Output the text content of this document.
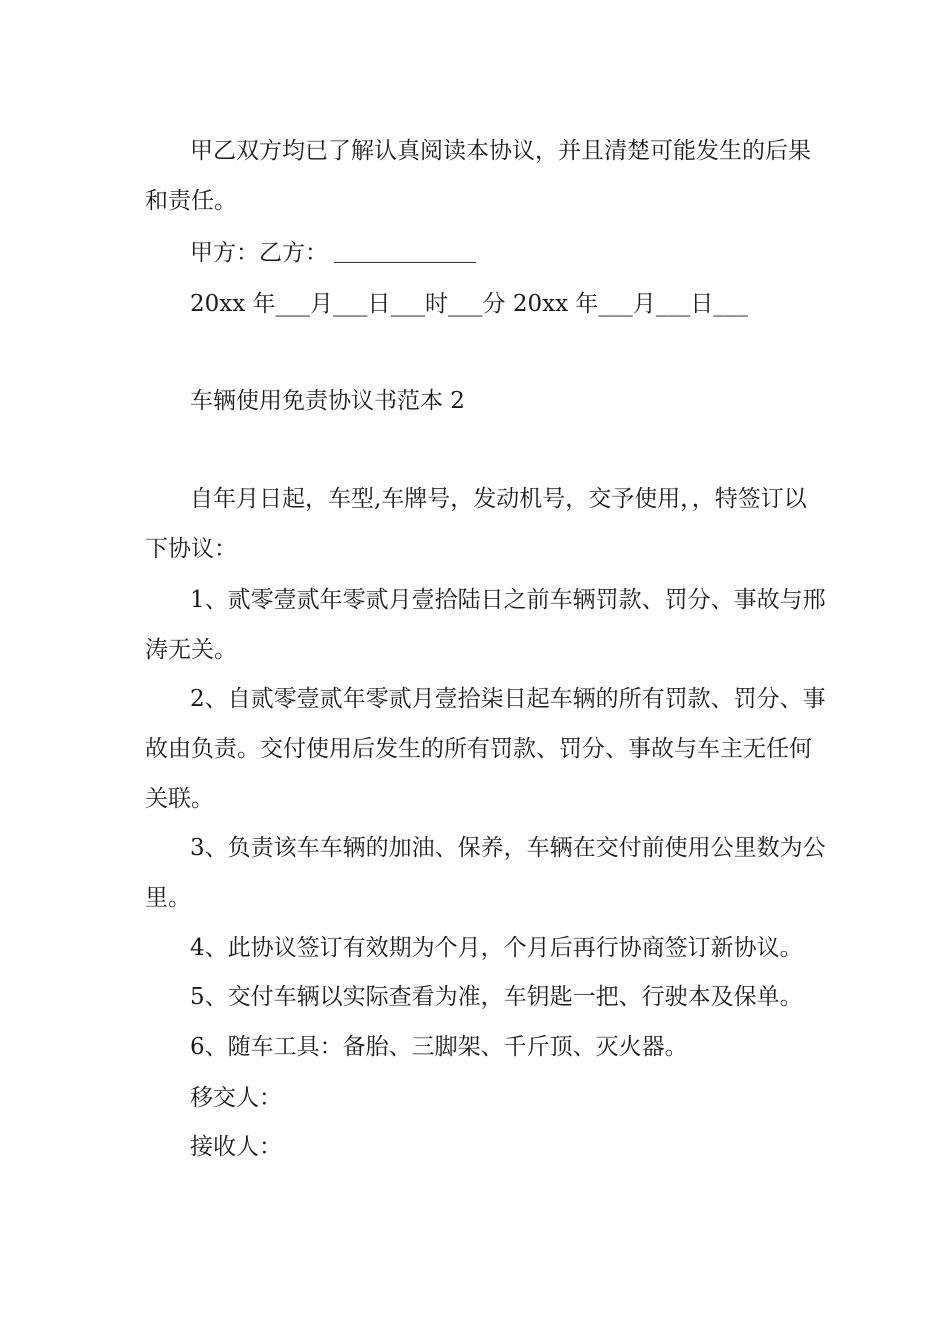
甲乙双方均已了解认真阅读本协议，并且清楚可能发生的后果

和责任。

甲方：乙方：

20xx 年___月___日___时___分 20xx 年___月___日___

车辆使用免责协议书范本 2

自年月日起，车型,车牌号，发动机号，交予使用，，特签订以

下协议：

1、贰零壹贰年零贰月壹拾陆日之前车辆罚款、罚分、事故与邢

涛无关。

2、自贰零壹贰年零贰月壹拾柒日起车辆的所有罚款、罚分、事

故由负责。交付使用后发生的所有罚款、罚分、事故与车主无任何

关联。

3、负责该车车辆的加油、保养，车辆在交付前使用公里数为公

里。

4、此协议签订有效期为个月，个月后再行协商签订新协议。

5、交付车辆以实际查看为准，车钥匙一把、行驶本及保单。

6、随车工具：备胎、三脚架、千斤顶、灭火器。

移交人：

接收人：
